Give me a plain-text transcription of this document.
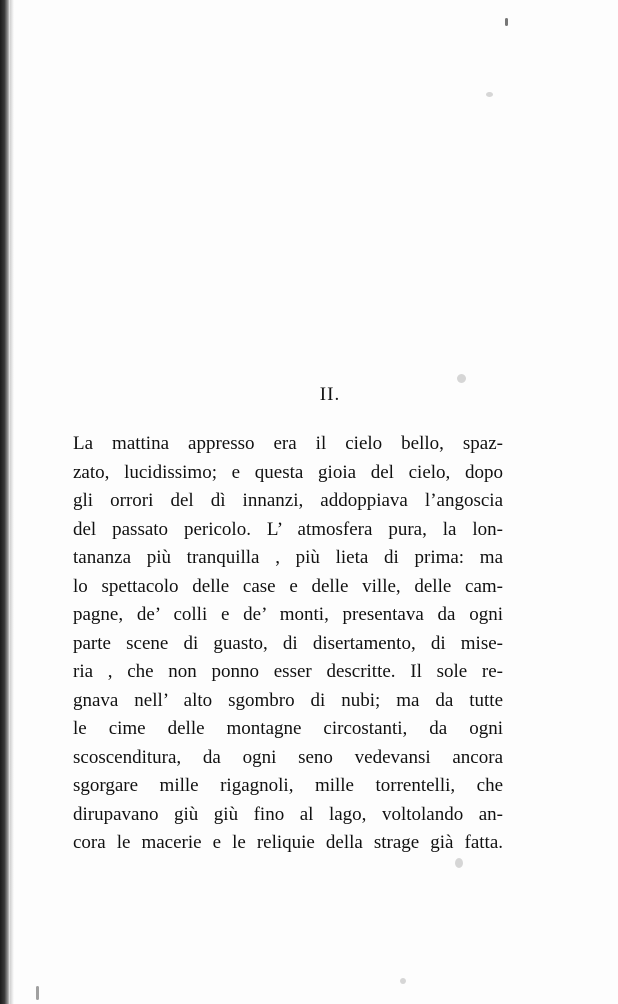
II.
La mattina appresso era il cielo bello, spaz-
zato, lucidissimo; e questa gioia del cielo, dopo
gli orrori del dì innanzi, addoppiava l’angoscia
del passato pericolo. L’ atmosfera pura, la lon-
tananza più tranquilla , più lieta di prima: ma
lo spettacolo delle case e delle ville, delle cam-
pagne, de’ colli e de’ monti, presentava da ogni
parte scene di guasto, di disertamento, di mise-
ria , che non ponno esser descritte. Il sole re-
gnava nell’ alto sgombro di nubi; ma da tutte
le cime delle montagne circostanti, da ogni
scoscenditura, da ogni seno vedevansi ancora
sgorgare mille rigagnoli, mille torrentelli, che
dirupavano giù giù fino al lago, voltolando an-
cora le macerie e le reliquie della strage già fatta.
